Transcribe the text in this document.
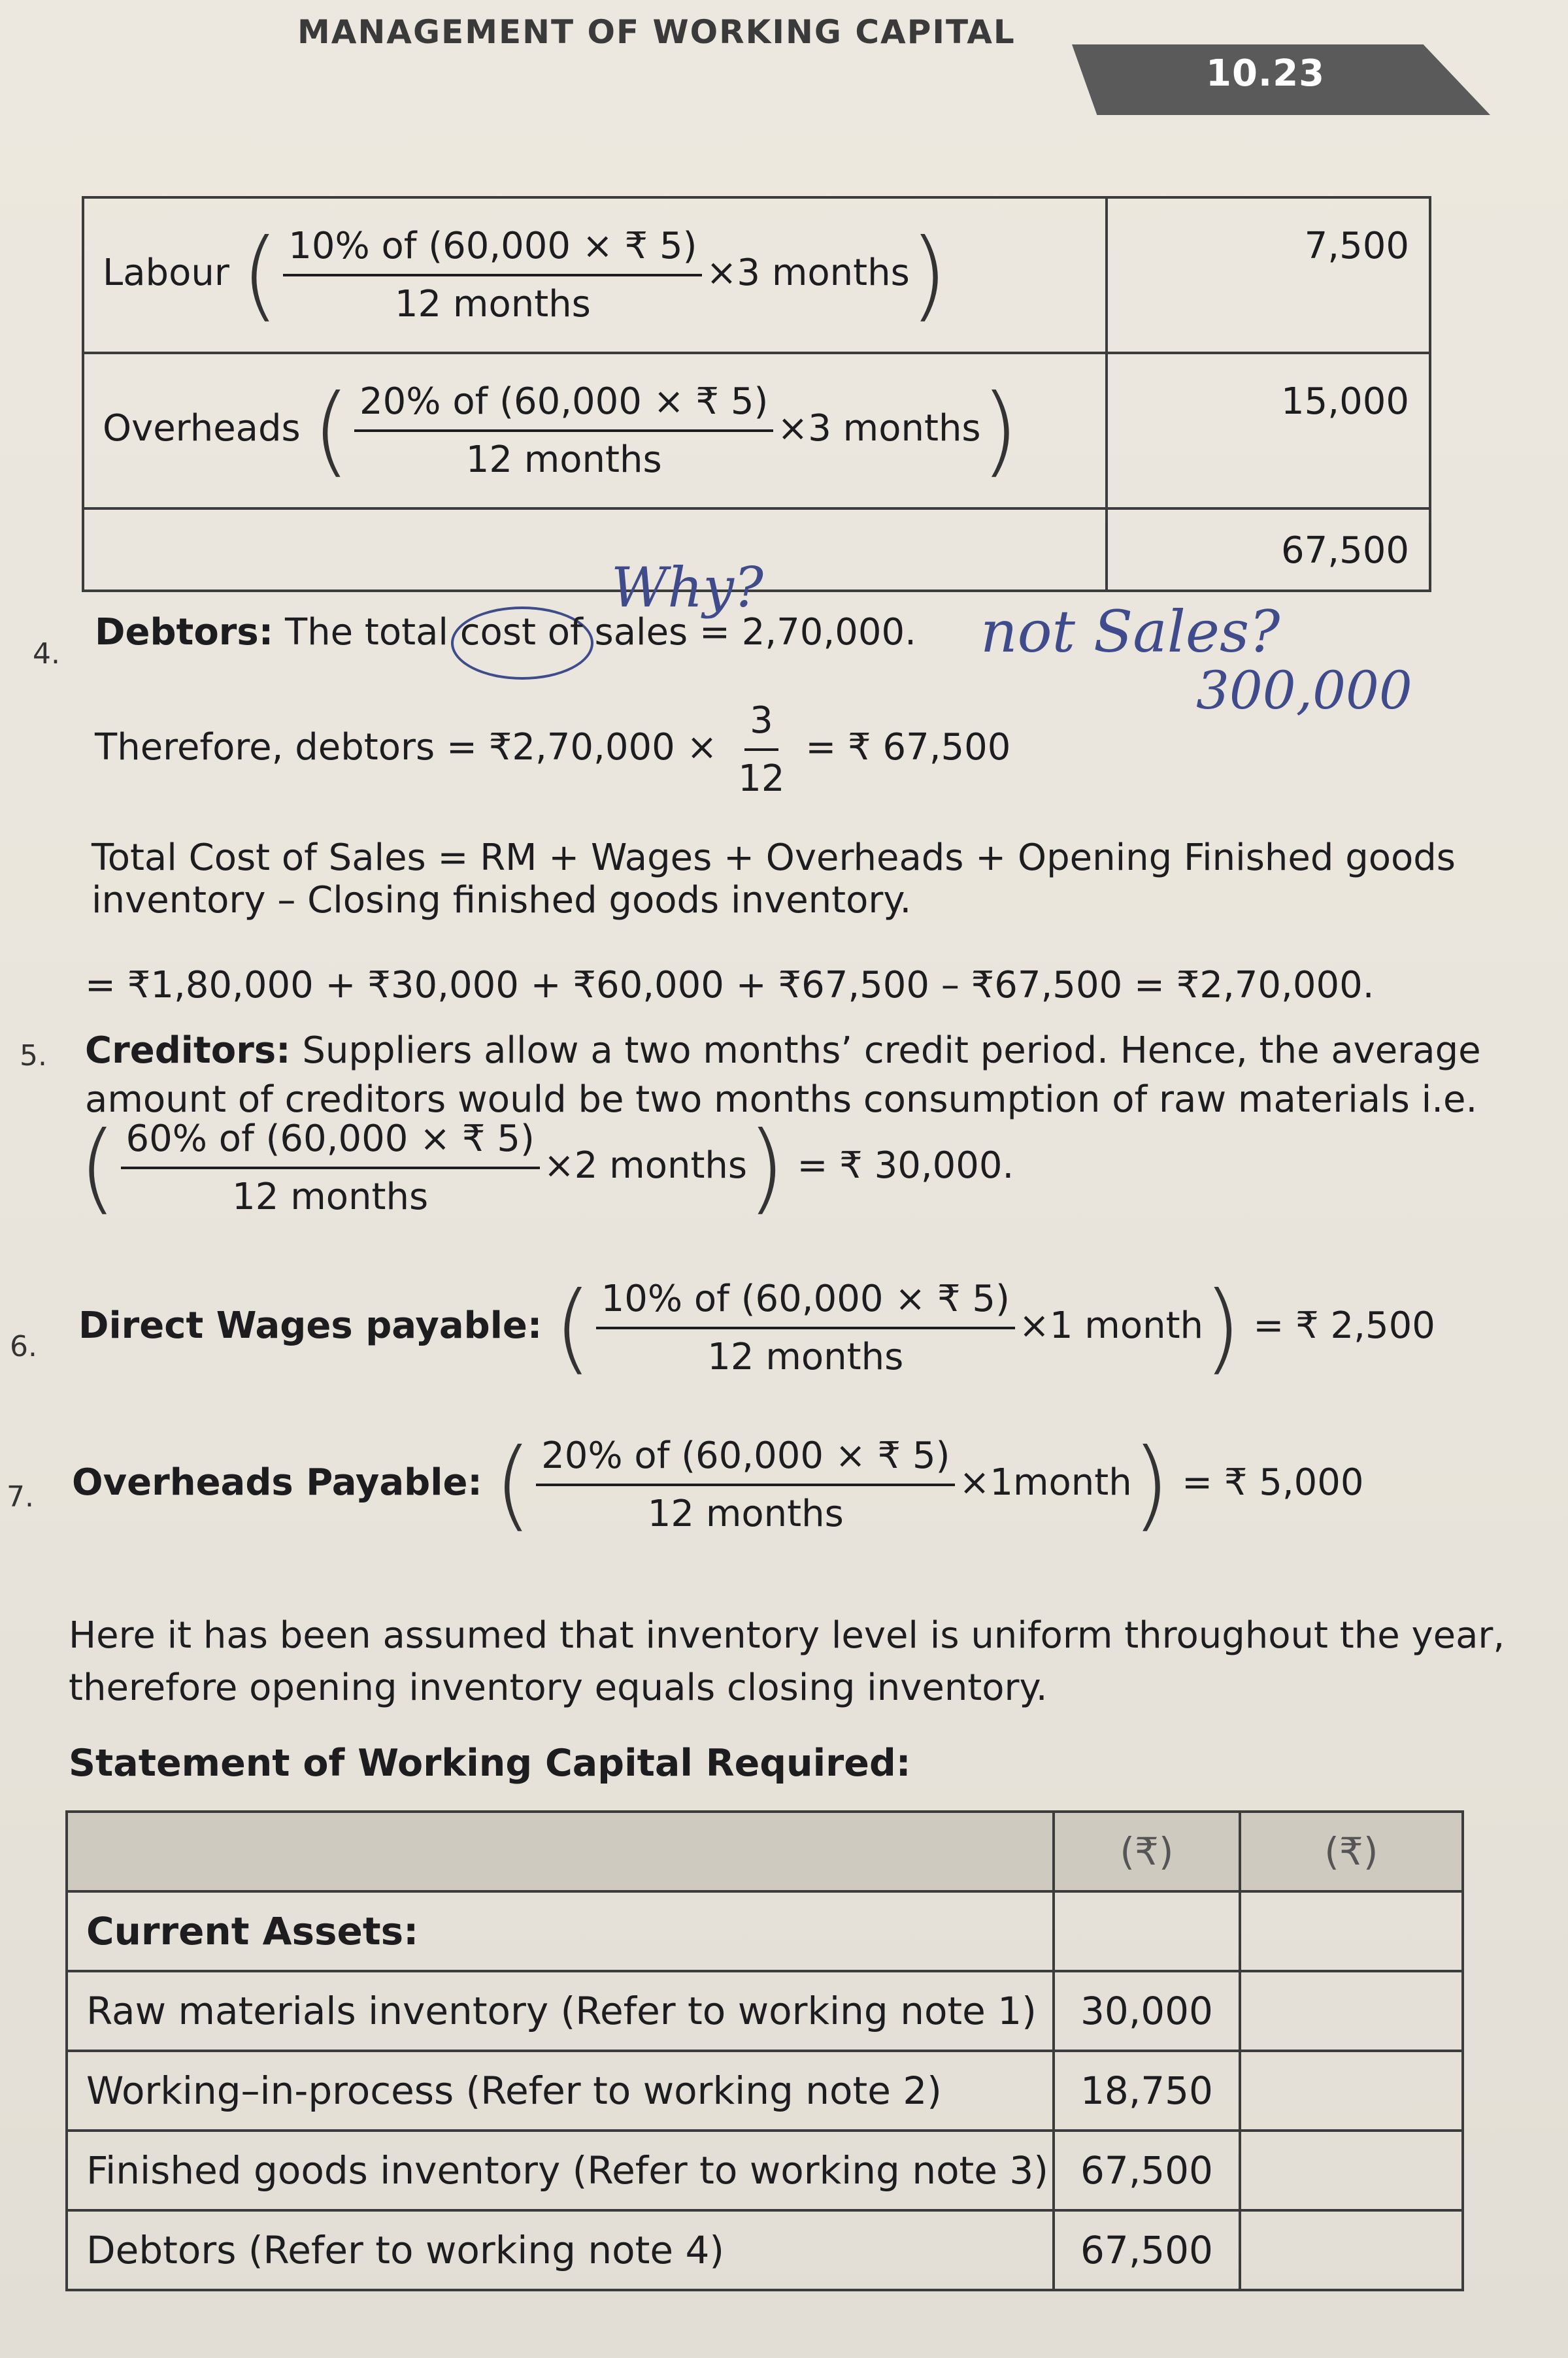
MANAGEMENT OF WORKING CAPITAL
10.23
Labour ( $\frac{10\% of (60,000 \times ₹ 5)}{\text{12 months}} \times 3$ months)	7,500
Overheads ( $\frac{20\% of (60,000 \times ₹ 5)}{\text{12 months}} \times 3$ months)	15,000
	67,500
Why?
not Sales?
300,000
4.
Debtors: The total cost of sales = 2,70,000.
Therefore, debtors = ₹2,70,000 × $\frac{3}{12}$ = ₹ 67,500
Total Cost of Sales = RM + Wages + Overheads + Opening Finished goods
inventory – Closing finished goods inventory.
= ₹1,80,000 + ₹30,000 + ₹60,000 + ₹67,500 – ₹67,500 = ₹2,70,000.
5. Creditors: Suppliers allow a two months’ credit period. Hence, the average
amount of creditors would be two months consumption of raw materials i.e.
( $\frac{60\% of (60,000 \times ₹ 5)}{\text{12 months}} \times 2$ months) = ₹ 30,000.
6. Direct Wages payable: ( $\frac{10\% of (60,000 \times ₹ 5)}{\text{12 months}} \times 1$ month) = ₹ 2,500
7. Overheads Payable: ( $\frac{20\% of (60,000 \times ₹ 5)}{\text{12 months}}$ ×1month) = ₹ 5,000
Here it has been assumed that inventory level is uniform throughout the year,
therefore opening inventory equals closing inventory.
Statement of Working Capital Required:
	(₹)	(₹)
Current Assets:		
Raw materials inventory (Refer to working note 1)	30,000	
Working–in-process (Refer to working note 2)	18,750	
Finished goods inventory (Refer to working note 3)	67,500	
Debtors (Refer to working note 4)	67,500	
